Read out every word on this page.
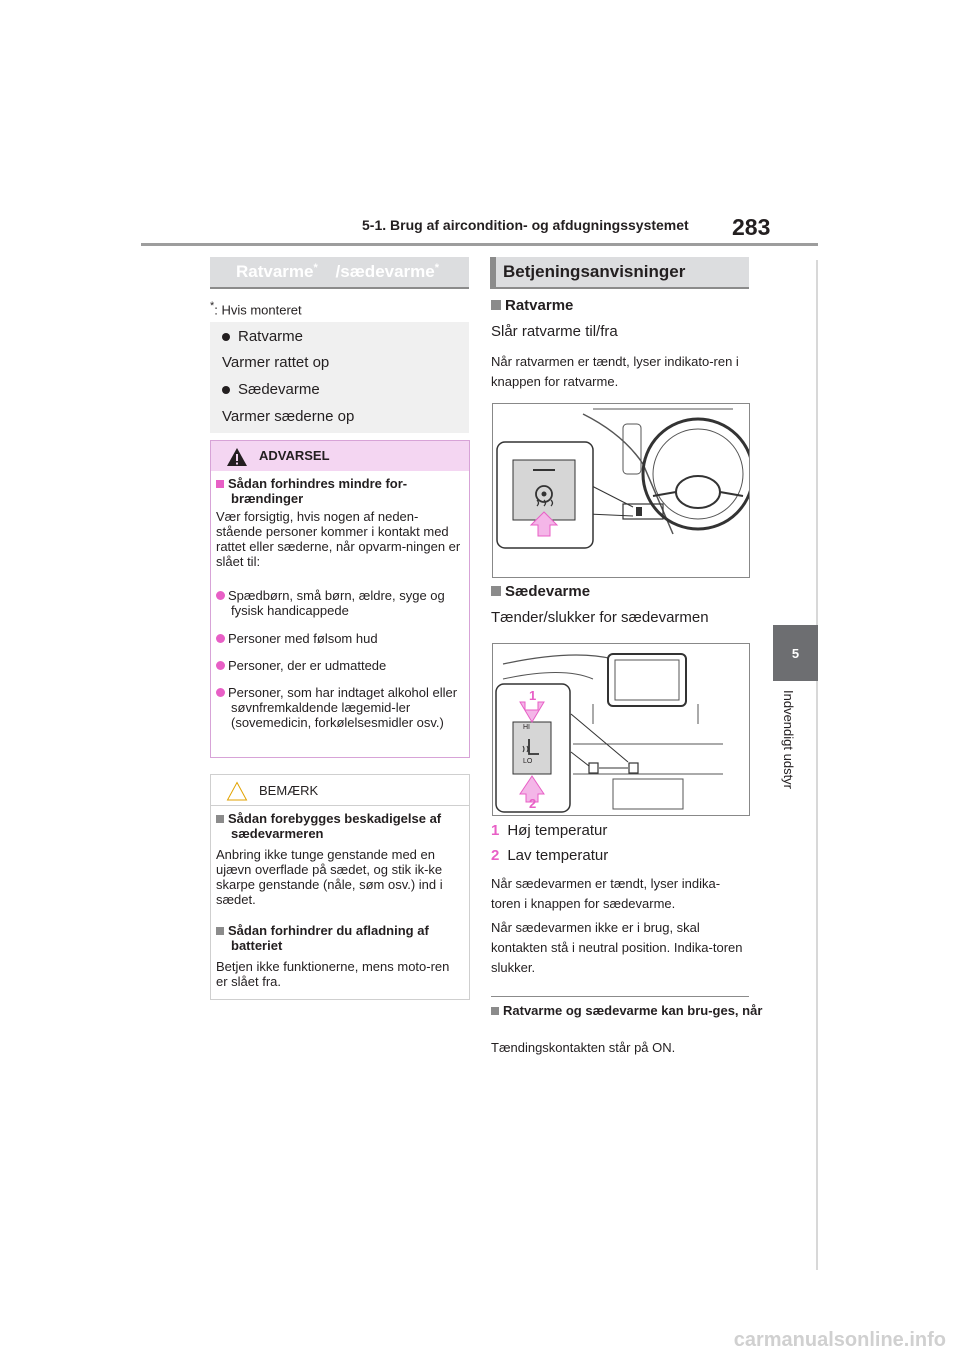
5-1. Brug af aircondition- og afdugningssystemet 283
5
Indvendigt udstyr
Ratvarme* /sædevarme*
*: Hvis monteret
Ratvarme
Varmer rattet op
Sædevarme
Varmer sæderne op
ADVARSEL
Sådan forhindres mindre for-brændinger
Vær forsigtig, hvis nogen af neden-stående personer kommer i kontakt med rattet eller sæderne, når opvarm-ningen er slået til:
Spædbørn, små børn, ældre, syge og fysisk handicappede
Personer med følsom hud
Personer, der er udmattede
Personer, som har indtaget alkohol eller søvnfremkaldende lægemid-ler (sovemedicin, forkølelsesmidler osv.)
BEMÆRK
Sådan forebygges beskadigelse af sædevarmeren
Anbring ikke tunge genstande med en ujævn overflade på sædet, og stik ik-ke skarpe genstande (nåle, søm osv.) ind i sædet.
Sådan forhindrer du afladning af batteriet
Betjen ikke funktionerne, mens moto-ren er slået fra.
Betjeningsanvisninger
Ratvarme
Slår ratvarme til/fra
Når ratvarmen er tændt, lyser indikato-ren i knappen for ratvarme.
Sædevarme
Tænder/slukker for sædevarmen
1
2
HI
LO
1 Høj temperatur
2 Lav temperatur
Når sædevarmen er tændt, lyser indika-toren i knappen for sædevarme.
Når sædevarmen ikke er i brug, skal kontakten stå i neutral position. Indika-toren slukker.
Ratvarme og sædevarme kan bru-ges, når
Tændingskontakten står på ON.
carmanualsonline.info
